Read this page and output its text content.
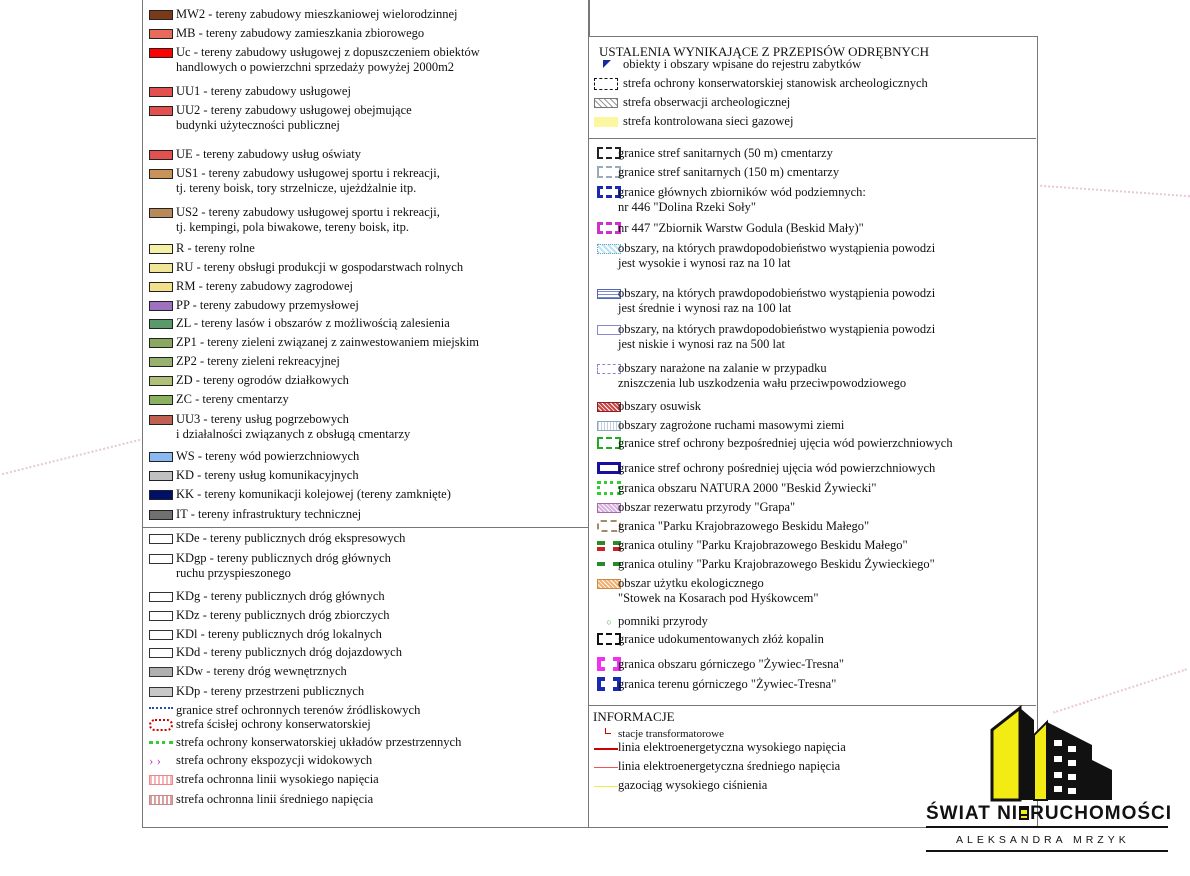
MW2 - tereny zabudowy mieszkaniowej wielorodzinnej
MB - tereny zabudowy zamieszkania zbiorowego
Uc - tereny zabudowy usługowej z dopuszczeniem obiektów
handlowych o powierzchni sprzedaży powyżej 2000m2
UU1 - tereny zabudowy usługowej
UU2 - tereny zabudowy usługowej obejmujące
budynki użyteczności publicznej
UE - tereny zabudowy usług oświaty
US1 - tereny zabudowy usługowej sportu i rekreacji,
tj. tereny boisk, tory strzelnicze, ujeżdżalnie itp.
US2 - tereny zabudowy usługowej sportu i rekreacji,
tj. kempingi, pola biwakowe, tereny boisk, itp.
R - tereny rolne
RU - tereny obsługi produkcji w gospodarstwach rolnych
RM - tereny zabudowy zagrodowej
PP - tereny zabudowy przemysłowej
ZL - tereny lasów i obszarów z możliwością zalesienia
ZP1 - tereny zieleni związanej z zainwestowaniem miejskim
ZP2 - tereny zieleni rekreacyjnej
ZD - tereny ogrodów działkowych
ZC - tereny cmentarzy
UU3 - tereny usług pogrzebowych
i działalności związanych z obsługą cmentarzy
WS - tereny wód powierzchniowych
KD - tereny usług komunikacyjnych
KK - tereny komunikacji kolejowej (tereny zamknięte)
IT - tereny infrastruktury technicznej
KDe - tereny publicznych dróg ekspresowych
KDgp - tereny publicznych dróg głównych
ruchu przyspieszonego
KDg - tereny publicznych dróg głównych
KDz - tereny publicznych dróg zbiorczych
KDl - tereny publicznych dróg lokalnych
KDd - tereny publicznych dróg dojazdowych
KDw - tereny dróg wewnętrznych
KDp - tereny przestrzeni publicznych
granice stref ochronnych terenów źródliskowych
strefa ścisłej ochrony konserwatorskiej
strefa ochrony konserwatorskiej układów przestrzennych
› ›	strefa ochrony ekspozycji widokowych
strefa ochronna linii wysokiego napięcia
strefa ochronna linii średniego napięcia
USTALENIA WYNIKAJĄCE Z PRZEPISÓW ODRĘBNYCH
obiekty i obszary wpisane do rejestru zabytków
strefa ochrony konserwatorskiej stanowisk archeologicznych
strefa obserwacji archeologicznej
strefa kontrolowana sieci gazowej
granice stref sanitarnych (50 m) cmentarzy
granice stref sanitarnych (150 m) cmentarzy
granice głównych zbiorników wód podziemnych:
nr 446 "Dolina Rzeki Soły"
nr 447 "Zbiornik Warstw Godula (Beskid Mały)"
obszary, na których prawdopodobieństwo wystąpienia powodzi
jest wysokie i wynosi raz na 10 lat
obszary, na których prawdopodobieństwo wystąpienia powodzi
jest średnie i wynosi raz na 100 lat
obszary, na których prawdopodobieństwo wystąpienia powodzi
jest niskie i wynosi raz na 500 lat
obszary narażone na zalanie w przypadku
zniszczenia lub uszkodzenia wału przeciwpowodziowego
obszary osuwisk
obszary zagrożone ruchami masowymi ziemi
granice stref ochrony bezpośredniej ujęcia wód powierzchniowych
granice stref ochrony pośredniej ujęcia wód powierzchniowych
granica obszaru NATURA 2000 "Beskid Żywiecki"
obszar rezerwatu przyrody "Grapa"
granica "Parku Krajobrazowego Beskidu Małego"
granica otuliny "Parku Krajobrazowego Beskidu Małego"
granica otuliny "Parku Krajobrazowego Beskidu Żywieckiego"
obszar użytku ekologicznego
"Stowek na Kosarach pod Hyśkowcem"
○ pomniki przyrody
granice udokumentowanych złóż kopalin
granica obszaru górniczego "Żywiec-Tresna"
granica terenu górniczego "Żywiec-Tresna"
INFORMACJE
stacje transformatorowe
linia elektroenergetyczna wysokiego napięcia
linia elektroenergetyczna średniego napięcia
gazociąg wysokiego ciśnienia
ŚWIAT NI RUCHOMOŚCI
ALEKSANDRA MRZYK
